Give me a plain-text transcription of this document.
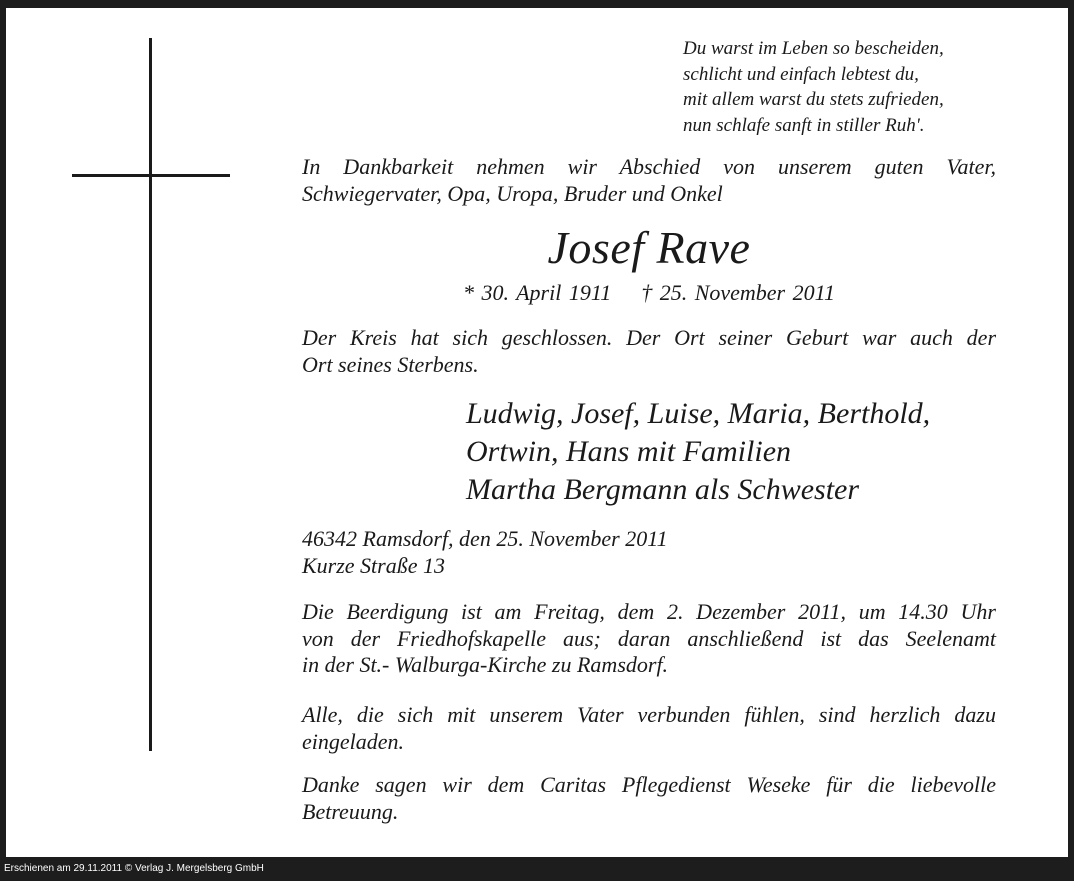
Du warst im Leben so bescheiden,
schlicht und einfach lebtest du,
mit allem warst du stets zufrieden,
nun schlafe sanft in stiller Ruh'.
In Dankbarkeit nehmen wir Abschied von unserem guten Vater,
Schwiegervater, Opa, Uropa, Bruder und Onkel
Josef Rave
* 30. April 1911 † 25. November 2011
Der Kreis hat sich geschlossen. Der Ort seiner Geburt war auch der
Ort seines Sterbens.
Ludwig, Josef, Luise, Maria, Berthold,
Ortwin, Hans mit Familien
Martha Bergmann als Schwester
46342 Ramsdorf, den 25. November 2011
Kurze Straße 13
Die Beerdigung ist am Freitag, dem 2. Dezember 2011, um 14.30 Uhr
von der Friedhofskapelle aus; daran anschließend ist das Seelenamt
in der St.- Walburga-Kirche zu Ramsdorf.
Alle, die sich mit unserem Vater verbunden fühlen, sind herzlich dazu
eingeladen.
Danke sagen wir dem Caritas Pflegedienst Weseke für die liebevolle
Betreuung.
Erschienen am 29.11.2011 © Verlag J. Mergelsberg GmbH
